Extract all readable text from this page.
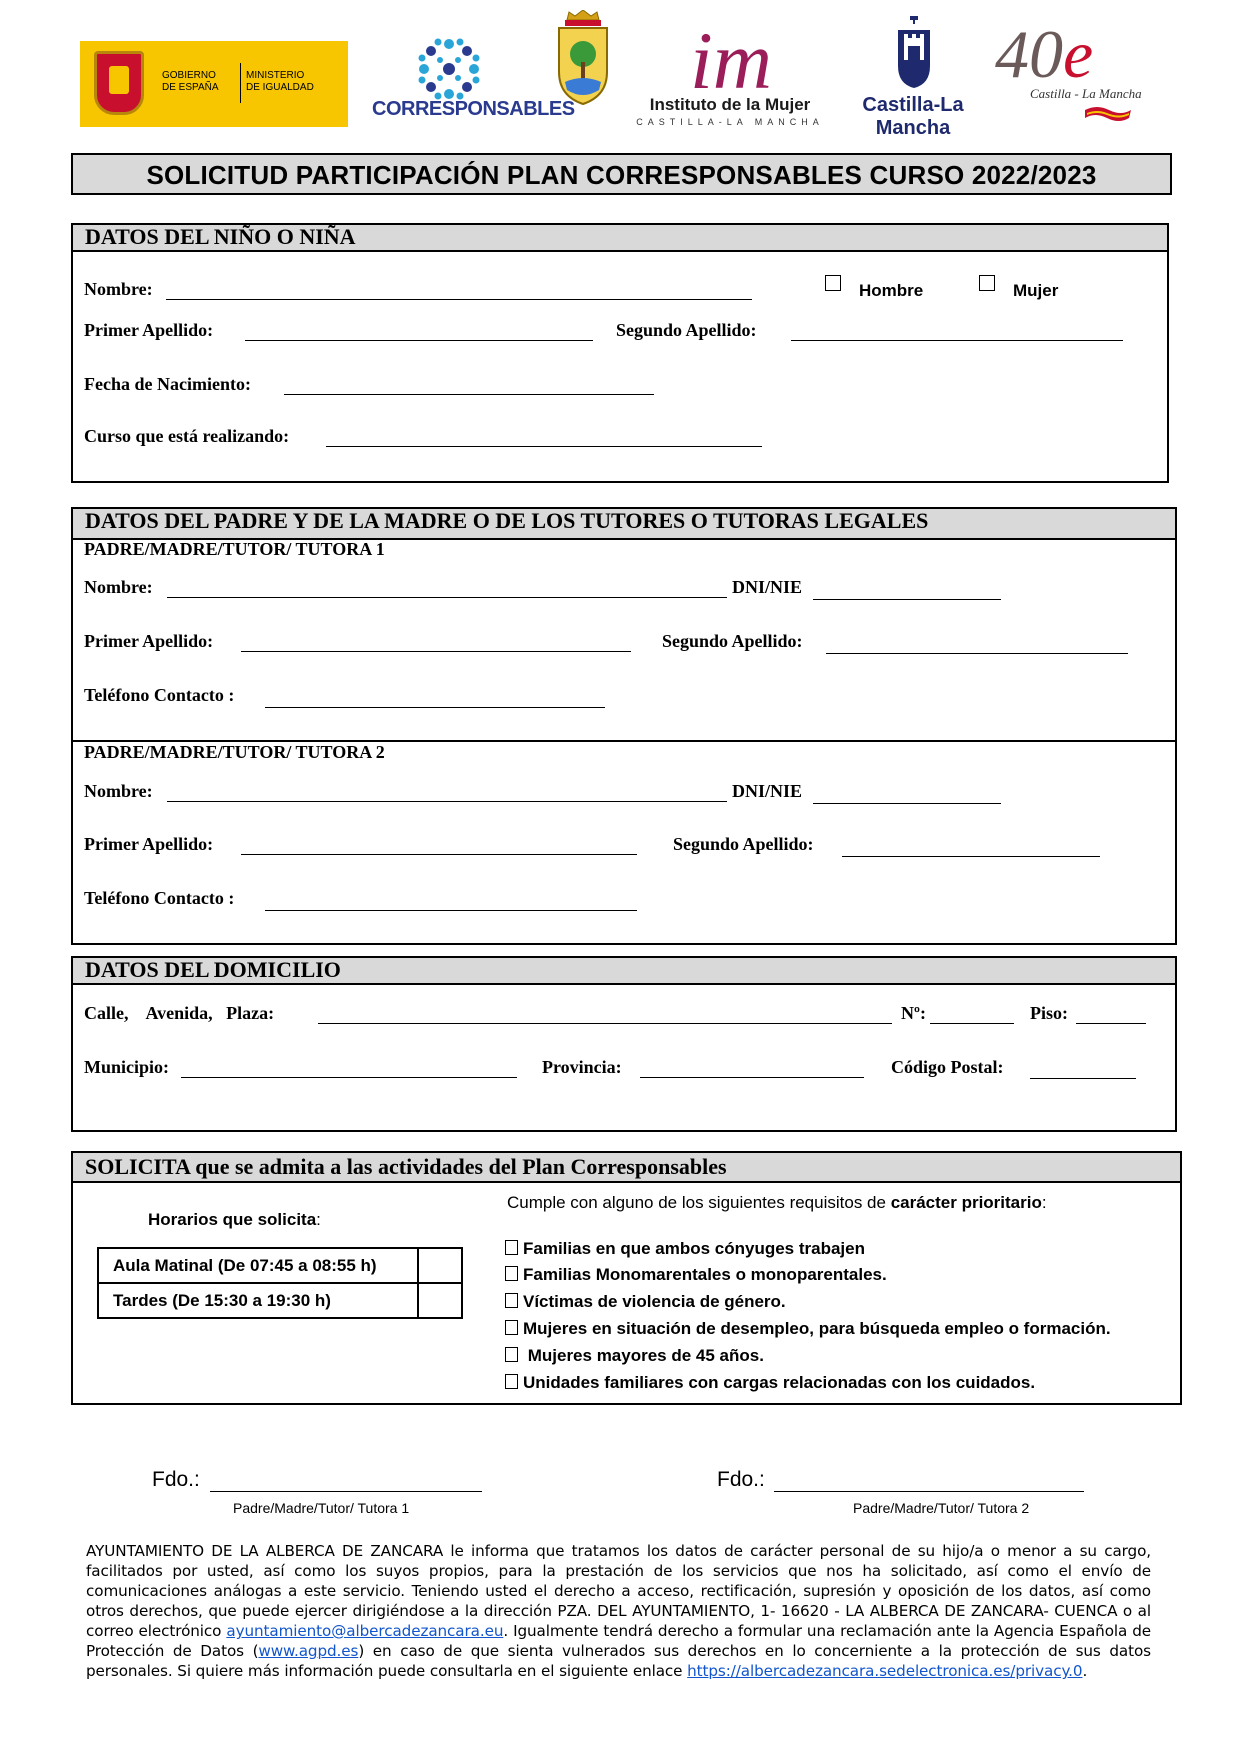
GOBIERNO
DE ESPAÑA
MINISTERIO
DE IGUALDAD
CORRESPONSABLES
im
Instituto de la Mujer
CASTILLA-LA MANCHA
Castilla-La Mancha
40e
Castilla - La Mancha
SOLICITUD PARTICIPACIÓN PLAN CORRESPONSABLES CURSO 2022/2023
DATOS DEL NIÑO O NIÑA
Nombre:	Hombre	Mujer
Primer Apellido:	Segundo Apellido:
Fecha de Nacimiento:
Curso que está realizando:
DATOS DEL PADRE Y DE LA MADRE O DE LOS TUTORES O TUTORAS LEGALES
PADRE/MADRE/TUTOR/ TUTORA 1
Nombre:	DNI/NIE
Primer Apellido:	Segundo Apellido:
Teléfono Contacto :
PADRE/MADRE/TUTOR/ TUTORA 2
Nombre:	DNI/NIE
Primer Apellido:	Segundo Apellido:
Teléfono Contacto :
DATOS DEL DOMICILIO
Calle,    Avenida,   Plaza:	Nº:	Piso:
Municipio:	Provincia:	Código Postal:
SOLICITA que se admita a las actividades del Plan Corresponsables
Horarios que solicita:
Aula Matinal (De 07:45 a 08:55 h)	
Tardes (De 15:30 a 19:30 h)	
Cumple con alguno de los siguientes requisitos de carácter prioritario:
Familias en que ambos cónyuges trabajen
Familias Monomarentales o monoparentales.
Víctimas de violencia de género.
Mujeres en situación de desempleo, para búsqueda empleo o formación.
Mujeres mayores de 45 años.
Unidades familiares con cargas relacionadas con los cuidados.
Fdo.:
Padre/Madre/Tutor/ Tutora 1
Fdo.:
Padre/Madre/Tutor/ Tutora 2
AYUNTAMIENTO DE LA ALBERCA DE ZANCARA le informa que tratamos los datos de carácter personal de su hijo/a o menor a su cargo, facilitados por usted, así como los suyos propios, para la prestación de los servicios que nos ha solicitado, así como el envío de comunicaciones análogas a este servicio. Teniendo usted el derecho a acceso, rectificación, supresión y oposición de los datos, así como otros derechos, que puede ejercer dirigiéndose a la dirección PZA. DEL AYUNTAMIENTO, 1- 16620 - LA ALBERCA DE ZANCARA- CUENCA o al correo electrónico ayuntamiento@albercadezancara.eu. Igualmente tendrá derecho a formular una reclamación ante la Agencia Española de Protección de Datos (www.agpd.es) en caso de que sienta vulnerados sus derechos en lo concerniente a la protección de sus datos personales. Si quiere más información puede consultarla en el siguiente enlace https://albercadezancara.sedelectronica.es/privacy.0.
